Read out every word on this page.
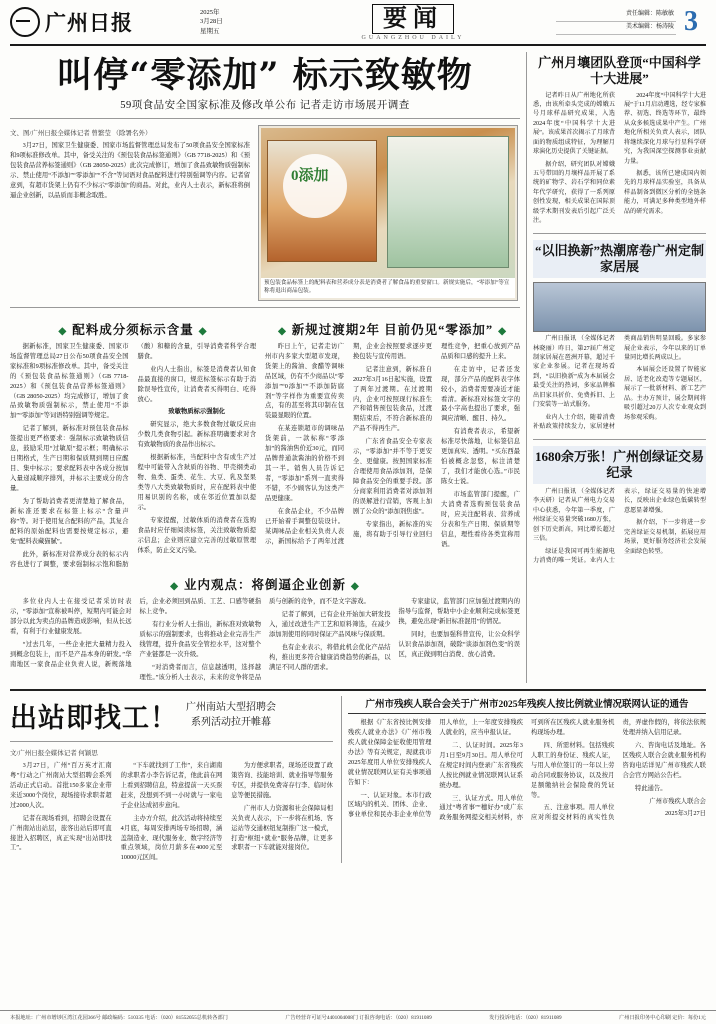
广州日报	2025年
3月28日
星期五	要闻
GUANGZHOU DAILY
责任编辑：陈敏敏
美术编辑：杨涛陵 3
叫停“零添加” 标示致敏物
59项食品安全国家标准及修改单公布 记者走访市场展开调查
文、图/广州日报全媒体记者 曾繁莹 （除署名外）

3月27日，国家卫生健康委、国家市场监督管理总局发布了50项食品安全国家标准和9项标准修改单。其中，备受关注的《预包装食品标签通则》（GB 7718-2025）和《预包装食品营养标签通则》（GB 28050-2025）此次完成修订，增加了食品致敏物质强制标示、禁止使用“不添加”“零添加”“不含”等词语对食品配料进行特别强调等内容。记者留意到，有超市货架上仍有不少标示“零添加”的商品。对此，业内人士表示，新标准将倒逼企业创新，以品质而非概念取胜。

0添加
预包装食品标签上的配料表和营养成分表是消费者了解食品的重要窗口。新规实施后，“零添加”等宣称将退出商品包装。
◆ 配料成分须标示含量 ◆

据新标准，国家卫生健康委、国家市场监督管理总局27日公布50项食品安全国家标准和9项标准修改单。其中，备受关注的《预包装食品标签通则》（GB 7718-2025）和《预包装食品营养标签通则》（GB 28050-2025）均完成修订，增加了食品致敏物质强制标示，禁止使用“不添加”“零添加”等词语特别强调等规定。

记者了解到，新标准对预包装食品标签提出更严格要求：强制标示致敏物质信息，鼓励采用“过敏原”提示框；明确标示日期格式，生产日期和保质期到期日应醒目、集中标示；要求配料表中各成分按加入量递减顺序排列，并标示主要成分的含量。

为了帮助消费者更清楚地了解食品，新标准还要求在标签上标示“含量声称”等。对于使用复合配料的产品，其复合配料的原始配料也需要按规定标示，避免“配料表藏猫腻”。

此外，新标准对营养成分表的标示内容也进行了调整，要求强制标示饱和脂肪（酸）和糖的含量，引导消费者科学合理膳食。

业内人士指出，标签是消费者认知食品最直接的窗口，规范标签标示有助于消除误导性宣传，让消费者买得明白、吃得放心。

致敏物质标示强制化

研究显示，绝大多数食物过敏反应由少数几类食物引起。新标准明确要求对含有致敏物质的食品作出标示。

根据新标准，当配料中含有或生产过程中可能带入含麸质的谷物、甲壳纲类动物、鱼类、蛋类、花生、大豆、乳及坚果类等八大类致敏物质时，应在配料表中使用易识别的名称，或在邻近位置加以提示。

专家提醒，过敏体质的消费者在选购食品时应仔细阅读标签，关注致敏物质提示信息；企业则应建立完善的过敏原管理体系，防止交叉污染。

◆ 新规过渡期2年 目前仍见“零添加” ◆

昨日上午，记者走访广州市内多家大型超市发现，货架上的酱油、食醋等调味品区域，仍有不少商品以“零添加”“0添加”“不添加防腐剂”等字样作为重要宣传卖点，有的甚至将其印制在包装最显眼的位置。

在某连锁超市的调味品货架前，一款标称“零添加”的酱油售价近30元，而同品牌普通款酱油的价格不到其一半。销售人员告诉记者，“零添加”系列一直卖得不错，不少顾客认为这类产品更健康。

在食品企业，不少品牌已开始着手调整包装设计。某调味品企业相关负责人表示，新国标给予了两年过渡期，企业会按照要求逐步更换包装与宣传用语。

记者注意到，新标准自2027年3月16日起实施，设置了两年过渡期。在过渡期内，企业可按照现行标准生产和销售预包装食品，过渡期结束后，不符合新标准的产品不得再生产。

广东省食品安全专家表示，“零添加”并不等于更安全、更健康。按照国家标准合理使用食品添加剂，是保障食品安全的重要手段。部分商家利用消费者对添加剂的误解进行营销，客观上加剧了公众的“添加剂焦虑”。

专家指出，新标准的实施，将有助于引导行业回归理性竞争，把重心放到产品品质和口感的提升上来。

在走访中，记者还发现，部分产品的配料表字体较小，消费者需要凑近才能看清。新标准对标签文字的最小字高也提出了要求，强调应清晰、醒目、持久。

有消费者表示，希望新标准尽快落地，让标签信息更加真实、透明。“买东西最怕被概念忽悠，标注清楚了，我们才能放心选。”市民陈女士说。

市场监管部门提醒，广大消费者选购预包装食品时，应关注配料表、营养成分表和生产日期、保质期等信息，理性看待各类宣称用语。

◆ 业内观点：将倒逼企业创新 ◆

多位业内人士在接受记者采访时表示，“零添加”宣称被叫停，短期内可能会对部分以此为卖点的品牌造成影响，但从长远看，有利于行业健康发展。

“过去几年，一些企业把大量精力投入到概念包装上，而不是产品本身的研发。”华南地区一家食品企业负责人说，新规落地后，企业必须回到品质、工艺、口感等硬指标上竞争。

有行业分析人士指出，新标准对致敏物质标示的强制要求，也将推动企业完善生产线管理，提升食品安全管控水平，这对整个产业链都是一次升级。

“对消费者而言，信息越透明，选择越理性。”该分析人士表示，未来的竞争将是品质与创新的竞争，而不是文字游戏。

记者了解到，已有企业开始加大研发投入，通过改进生产工艺和原料筛选，在减少添加剂使用的同时保证产品风味与保质期。

也有企业表示，将借此机会优化产品结构，推出更多符合健康消费趋势的新品，以满足不同人群的需求。

专家建议，监管部门应加强过渡期内的指导与监督，帮助中小企业顺利完成标签更换，避免出现“新旧标准混用”的情况。

同时，也要加强科普宣传，让公众科学认识食品添加剂，破除“谈添加剂色变”的误区，真正做到明白消费、放心消费。

广州月壤团队登顶“中国科学十大进展”

记者昨日从广州地化所获悉，由该所牵头完成的嫦娥五号月球样品研究成果，入选2024年度“中国科学十大进展”。该成果首次揭示了月球背面的物质组成特征，为理解月球演化历史提供了关键证据。

据介绍，研究团队对嫦娥五号带回的月壤样品开展了系统的矿物学、岩石学和同位素年代学研究，获得了一系列原创性发现，相关成果在国际顶级学术期刊发表后引起广泛关注。

2024年度“中国科学十大进展”于11月启动遴选，经专家推荐、初选、终选等环节，最终从众多候选成果中产生。广州地化所相关负责人表示，团队将继续深化月球与行星科学研究，为我国深空探测事业贡献力量。

据悉，该所已建成国内领先的月球样品实验室，具备从样品制备到微区分析的全链条能力，可满足多种类型地外样品的研究需求。

“以旧换新”热潮席卷广州定制家居展

广州日报讯 （全媒体记者 林晓丽）昨日，第27届广州定制家居展在琶洲开幕，超过千家企业参展。记者在现场看到，“以旧换新”成为本届展会最受关注的热词，多家品牌推出旧家具折价、免费拆旧、上门安装等一站式服务。

业内人士介绍，随着消费补贴政策持续发力，家居建材类商品销售明显回暖。多家参展企业表示，今年以来的订单量同比增长两成以上。

本届展会还设置了智能家居、适老化改造等专题展区，展示了一批新材料、新工艺产品。主办方预计，展会期间将吸引超过20万人次专业观众到场参观采购。

1680余万张！广州创绿证交易纪录

广州日报讯 （全媒体记者 李天研）记者从广州电力交易中心获悉，今年第一季度，广州绿证交易量突破1680万张，创下历史新高，同比增长超过三倍。

绿证是我国可再生能源电力消费的唯一凭证。业内人士表示，绿证交易量的快速增长，反映出企业绿色低碳转型意愿显著增强。

据介绍，下一步将进一步完善绿证交易机制，拓展应用场景，更好服务经济社会发展全面绿色转型。

出站即找工！ 广州南站大型招聘会
系列活动拉开帷幕
文/广州日报全媒体记者 何颖思

3月27日，广州“百万英才汇南粤”行动之广州南站大型招聘会系列活动正式启动。首批150多家企业带来近3000个岗位，现场接待求职者超过2000人次。

记者在现场看到，招聘会设置在广州南站出站层，旅客出站后即可直接进入招聘区，真正实现“出站即找工”。

“下车就找到了工作”，来自湖南的求职者小李告诉记者，他此前在网上看到招聘信息，特意提前一天买票赶来，没想到不到一小时就与一家电子企业达成初步意向。

主办方介绍，此次活动将持续至4月底，每周安排两场专场招聘，涵盖制造业、现代服务业、数字经济等重点领域，岗位月薪多在4000元至10000元区间。

为方便求职者，现场还设置了政策咨询、技能培训、就业指导等服务专区，并提供免费寄存行李、临时休息等便民措施。

广州市人力资源和社会保障局相关负责人表示，下一步将在机场、客运站等交通枢纽复制推广这一模式，打造“枢纽+就业”服务品牌，让更多求职者一下车就能对接岗位。

广州市残疾人联合会关于广州市2025年残疾人按比例就业情况联网认证的通告

根据《广东省按比例安排残疾人就业办法》《广州市残疾人就业保障金征收使用管理办法》等有关规定，现就我市2025年度用人单位安排残疾人就业情况联网认证有关事项通告如下：

一、认证对象。本市行政区域内的机关、团体、企业、事业单位和民办非企业单位等用人单位，上一年度安排残疾人就业的，应当申报认证。

二、认证时间。2025年3月1日至9月30日。用人单位可在规定时间内登录广东省残疾人按比例就业情况联网认证系统办理。

三、认证方式。用人单位通过“粤省事”“穗好办”或广东政务服务网提交相关材料，亦可到所在区残疾人就业服务机构现场办理。

四、所需材料。包括残疾人职工的身份证、残疾人证，与用人单位签订的一年以上劳动合同或服务协议，以及按月足额缴纳社会保险费的凭证等。

五、注意事项。用人单位应对所提交材料的真实性负责，弄虚作假的，将依法依规处理并纳入信用记录。

六、咨询电话及地址。各区残疾人联合会就业服务机构咨询电话详见广州市残疾人联合会官方网站公告栏。

特此通告。

广州市残疾人联合会

2025年3月27日

本报地址：广州市增埗区湾江花园366号 邮政编码：510335 电话：（020）81552055总机转各部门	广告经营许可证号4401004008门 订报咨询电话：（020）81911089	发行投诉电话：（020）81911089	广州日报印务中心印刷 定价：每份1元
